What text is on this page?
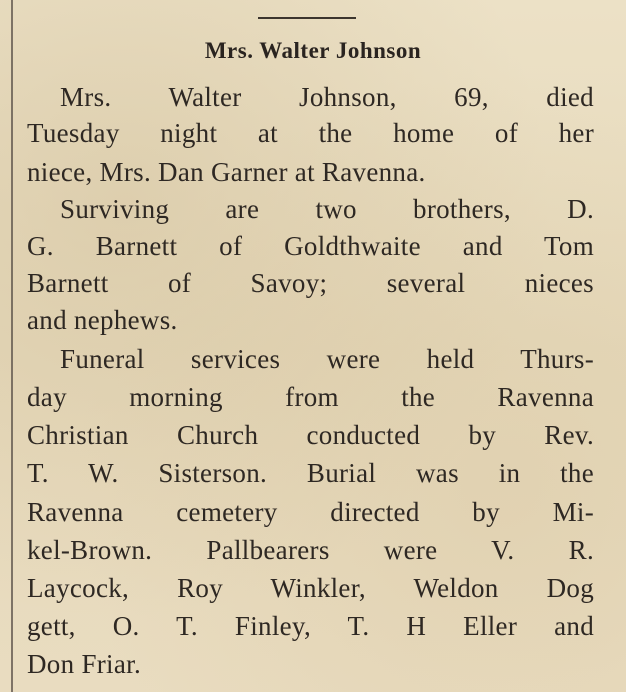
Mrs. Walter Johnson
Mrs. Walter Johnson, 69, died
Tuesday night at the home of her
niece, Mrs. Dan Garner at Ravenna.
Surviving are two brothers, D.
G. Barnett of Goldthwaite and Tom
Barnett of Savoy; several nieces
and nephews.
Funeral services were held Thurs-
day morning from the Ravenna
Christian Church conducted by Rev.
T. W. Sisterson. Burial was in the
Ravenna cemetery directed by Mi-
kel-Brown. Pallbearers were V. R.
Laycock, Roy Winkler, Weldon Dog
gett, O. T. Finley, T. H Eller and
Don Friar.
